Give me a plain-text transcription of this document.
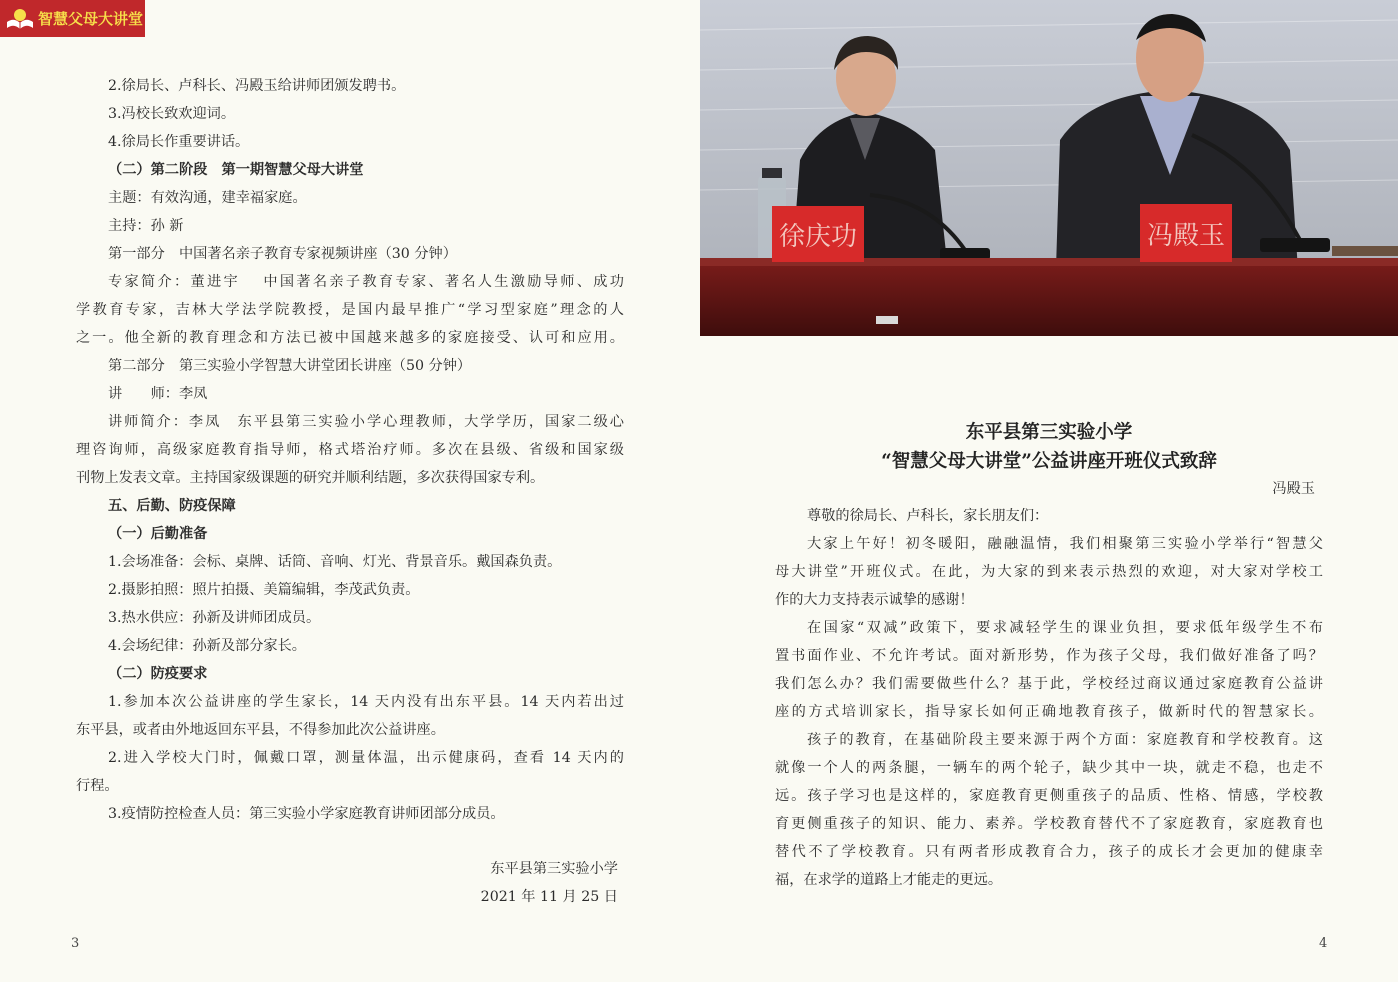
智慧父母大讲堂
2.徐局长、卢科长、冯殿玉给讲师团颁发聘书。
3.冯校长致欢迎词。
4.徐局长作重要讲话。
（二）第二阶段　第一期智慧父母大讲堂
主题：有效沟通，建幸福家庭。
主持：孙 新
第一部分　中国著名亲子教育专家视频讲座（30 分钟）
专家简介：董进宇　 中国著名亲子教育专家、著名人生激励导师、成功
学教育专家，吉林大学法学院教授，是国内最早推广“学习型家庭”理念的人
之一。他全新的教育理念和方法已被中国越来越多的家庭接受、认可和应用。
第二部分　第三实验小学智慧大讲堂团长讲座（50 分钟）
讲　　师：李凤
讲师简介：李凤　东平县第三实验小学心理教师，大学学历，国家二级心
理咨询师，高级家庭教育指导师，格式塔治疗师。多次在县级、省级和国家级
刊物上发表文章。主持国家级课题的研究并顺利结题，多次获得国家专利。
五、后勤、防疫保障
（一）后勤准备
1.会场准备：会标、桌牌、话筒、音响、灯光、背景音乐。戴国森负责。
2.摄影拍照：照片拍摄、美篇编辑，李茂武负责。
3.热水供应：孙新及讲师团成员。
4.会场纪律：孙新及部分家长。
（二）防疫要求
1.参加本次公益讲座的学生家长，14 天内没有出东平县。14 天内若出过
东平县，或者由外地返回东平县，不得参加此次公益讲座。
2.进入学校大门时，佩戴口罩，测量体温，出示健康码，查看 14 天内的
行程。
3.疫情防控检查人员：第三实验小学家庭教育讲师团部分成员。
东平县第三实验小学
2021 年 11 月 25 日
3
徐庆功	冯殿玉
东平县第三实验小学
“智慧父母大讲堂”公益讲座开班仪式致辞
冯殿玉
尊敬的徐局长、卢科长，家长朋友们：
大家上午好！初冬暖阳，融融温情，我们相聚第三实验小学举行“智慧父
母大讲堂”开班仪式。在此，为大家的到来表示热烈的欢迎，对大家对学校工
作的大力支持表示诚挚的感谢！
在国家“双减”政策下，要求减轻学生的课业负担，要求低年级学生不布
置书面作业、不允许考试。面对新形势，作为孩子父母，我们做好准备了吗？
我们怎么办？我们需要做些什么？基于此，学校经过商议通过家庭教育公益讲
座的方式培训家长，指导家长如何正确地教育孩子，做新时代的智慧家长。
孩子的教育，在基础阶段主要来源于两个方面：家庭教育和学校教育。这
就像一个人的两条腿，一辆车的两个轮子，缺少其中一块，就走不稳，也走不
远。孩子学习也是这样的，家庭教育更侧重孩子的品质、性格、情感，学校教
育更侧重孩子的知识、能力、素养。学校教育替代不了家庭教育，家庭教育也
替代不了学校教育。只有两者形成教育合力，孩子的成长才会更加的健康幸
福，在求学的道路上才能走的更远。
4
